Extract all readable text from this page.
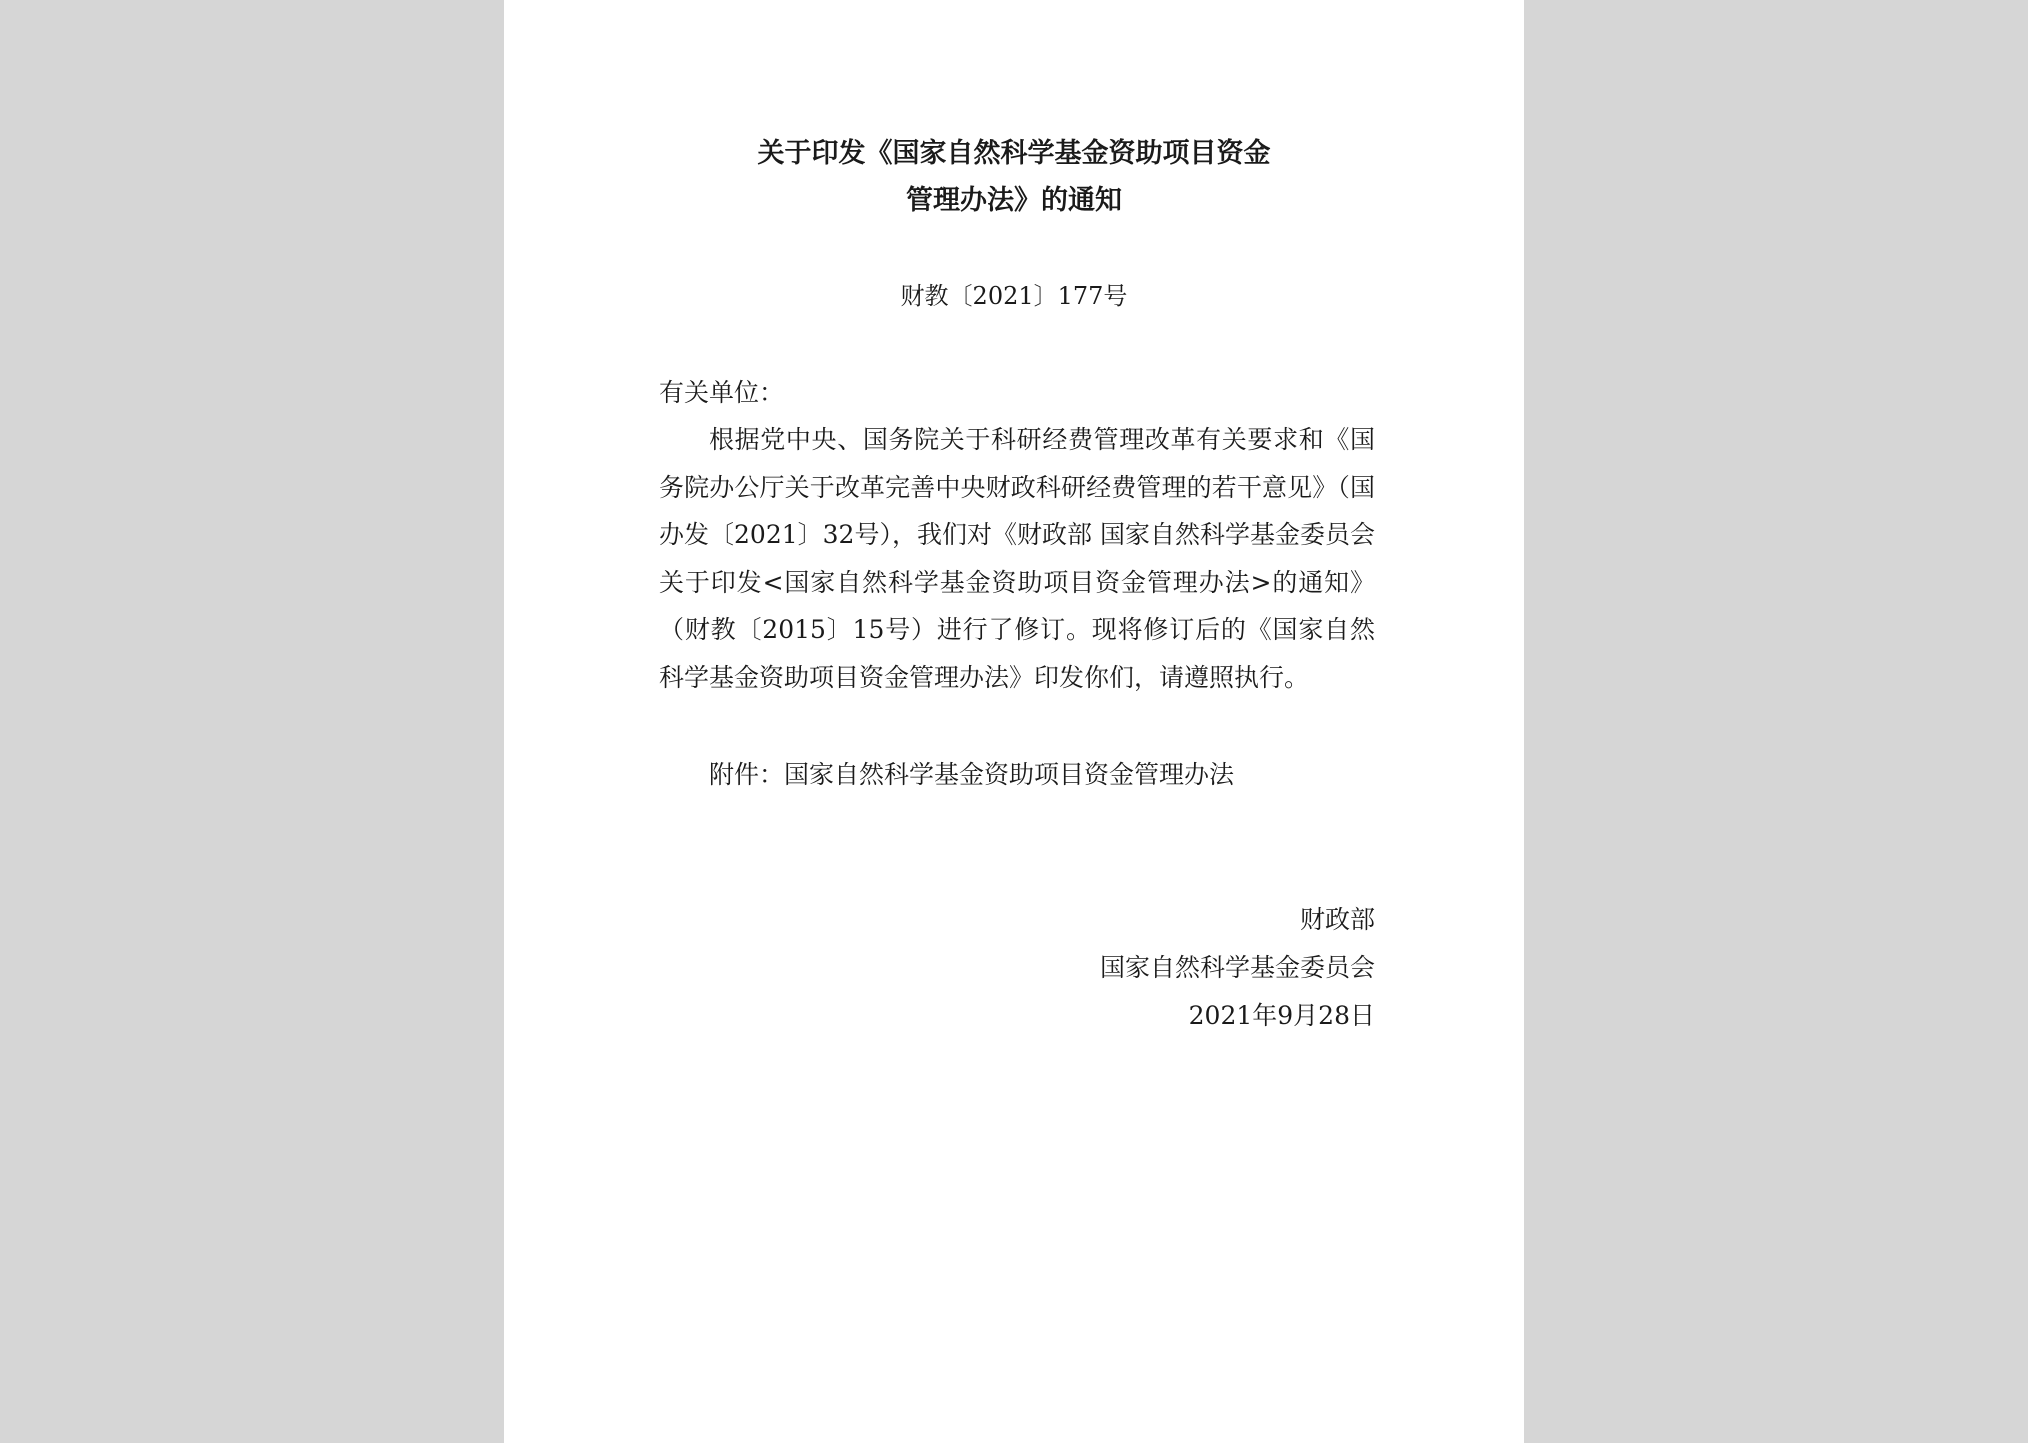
关于印发《国家自然科学基金资助项目资金
管理办法》的通知
财教〔2021〕177号
有关单位：
根据党中央、国务院关于科研经费管理改革有关要求和《国务院办公厅关于改革完善中央财政科研经费管理的若干意见》（国办发〔2021〕32号），我们对《财政部 国家自然科学基金委员会关于印发<国家自然科学基金资助项目资金管理办法>的通知》（财教〔2015〕15号）进行了修订。现将修订后的《国家自然科学基金资助项目资金管理办法》印发你们，请遵照执行。
附件：国家自然科学基金资助项目资金管理办法
财政部
国家自然科学基金委员会
2021年9月28日
